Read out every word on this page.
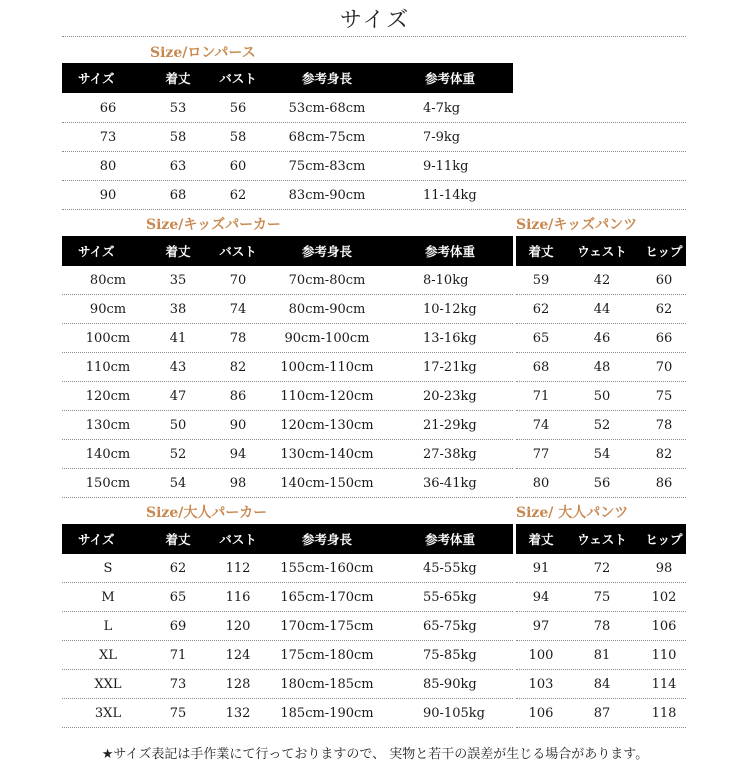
サイズ
Size/ロンパース
サイズ	着丈 バスト	参考身長	参考体重
66	53	56	53cm-68cm	4-7kg
73	58	58	68cm-75cm	7-9kg
80	63	60	75cm-83cm	9-11kg
90	68	62	83cm-90cm	11-14kg
Size/キッズパーカー
サイズ	着丈 バスト	参考身長	参考体重
80cm	35	70	70cm-80cm	8-10kg
90cm	38	74	80cm-90cm	10-12kg
100cm	41	78	90cm-100cm	13-16kg
110cm	43	82	100cm-110cm	17-21kg
120cm	47	86	110cm-120cm	20-23kg
130cm	50	90	120cm-130cm	21-29kg
140cm	52	94	130cm-140cm	27-38kg
150cm	54	98	140cm-150cm	36-41kg
Size/キッズパンツ
着丈 ウェスト ヒップ
59	42	60
62	44	62
65	46	66
68	48	70
71	50	75
74	52	78
77	54	82
80	56	86
Size/大人パーカー
サイズ	着丈 バスト	参考身長	参考体重
S	62	112 155cm-160cm	45-55kg
M	65	116 165cm-170cm	55-65kg
L	69	120 170cm-175cm	65-75kg
XL	71	124 175cm-180cm	75-85kg
XXL	73	128 180cm-185cm	85-90kg
3XL	75	132 185cm-190cm	90-105kg
Size/ 大人パンツ
着丈 ウェスト ヒップ
91	72	98
94	75	102
97	78	106
100	81	110
103	84	114
106	87	118
★サイズ表記は手作業にて行っておりますので、 実物と若干の誤差が生じる場合があります。
